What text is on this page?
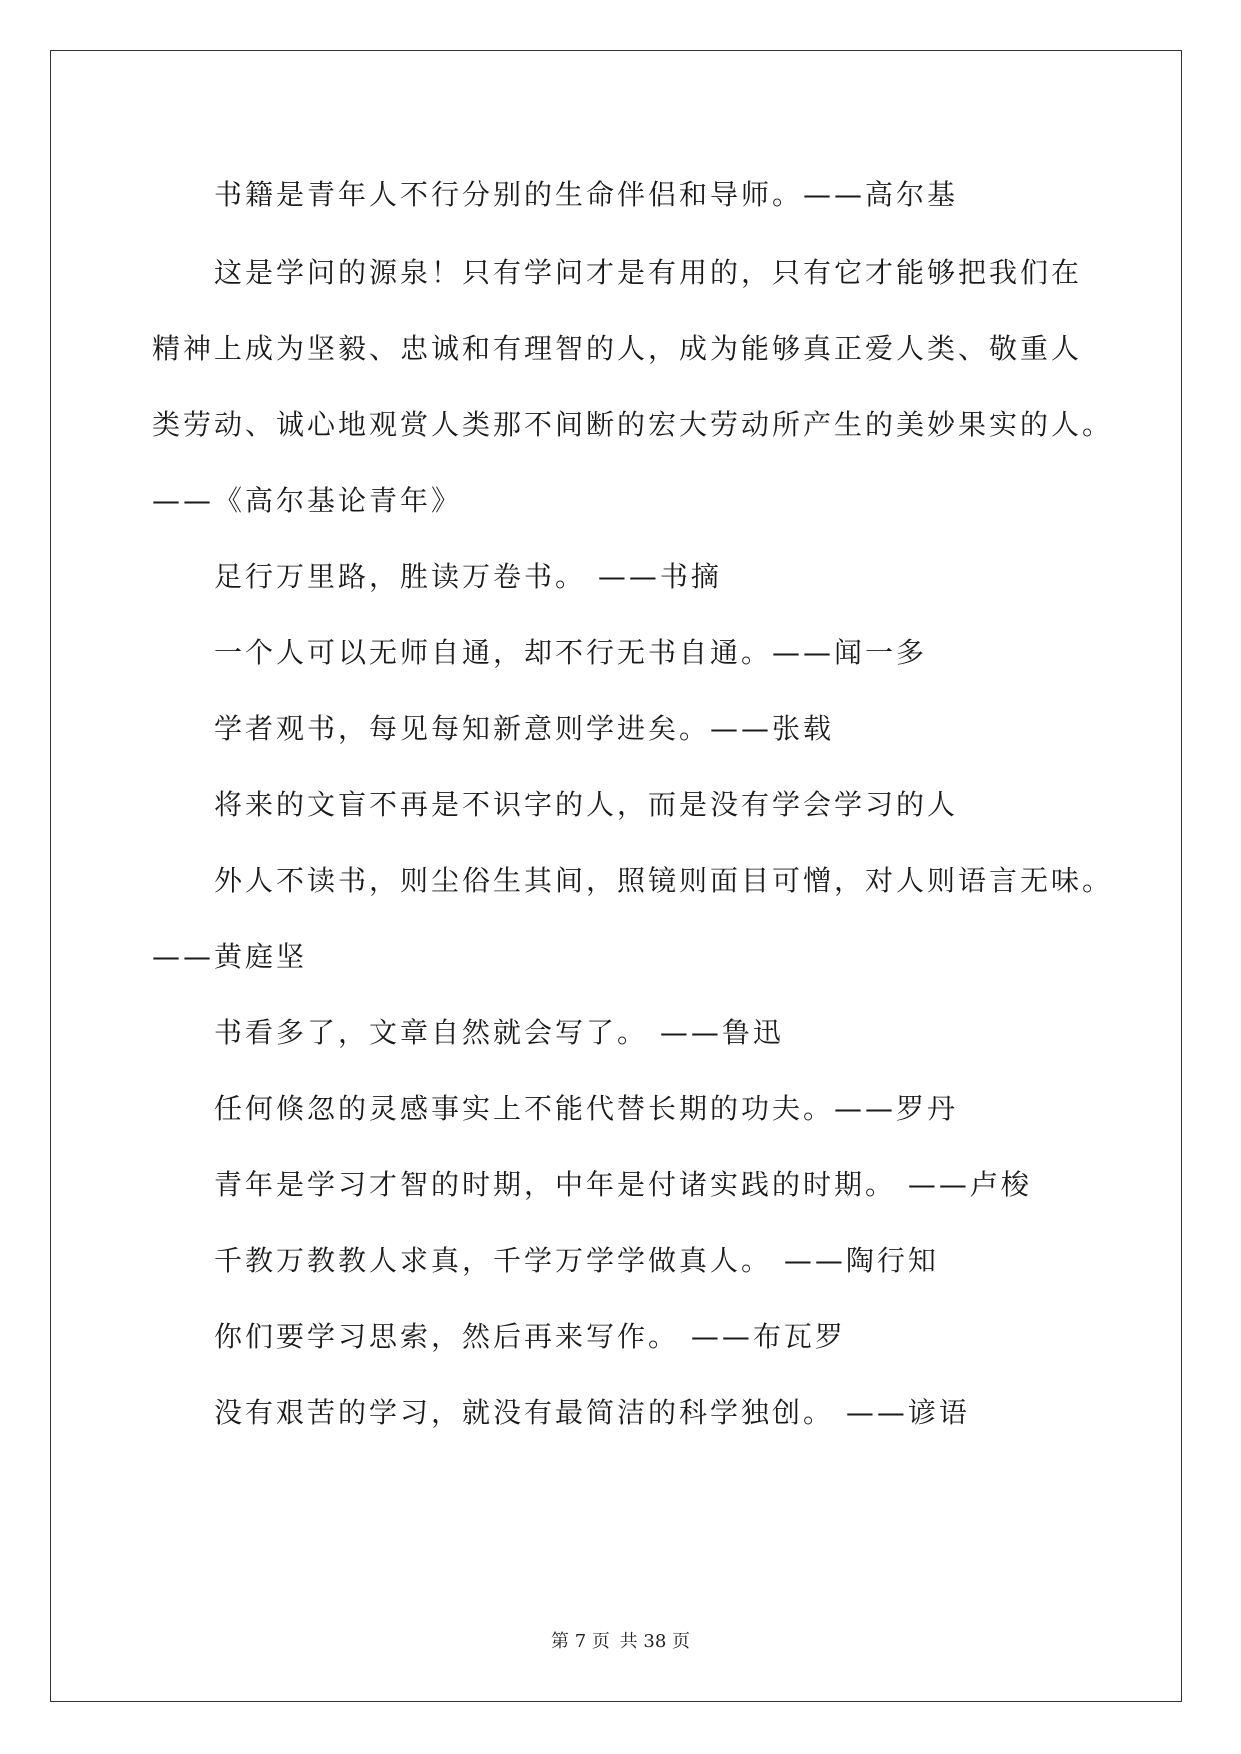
书籍是青年人不行分别的生命伴侣和导师。——高尔基
这是学问的源泉！只有学问才是有用的，只有它才能够把我们在
精神上成为坚毅、忠诚和有理智的人，成为能够真正爱人类、敬重人
类劳动、诚心地观赏人类那不间断的宏大劳动所产生的美妙果实的人。
——《高尔基论青年》
足行万里路，胜读万卷书。 ——书摘
一个人可以无师自通，却不行无书自通。——闻一多
学者观书，每见每知新意则学进矣。——张载
将来的文盲不再是不识字的人，而是没有学会学习的人
外人不读书，则尘俗生其间，照镜则面目可憎，对人则语言无味。
——黄庭坚
书看多了，文章自然就会写了。 ——鲁迅
任何倏忽的灵感事实上不能代替长期的功夫。——罗丹
青年是学习才智的时期，中年是付诸实践的时期。 ——卢梭
千教万教教人求真，千学万学学做真人。 ——陶行知
你们要学习思索，然后再来写作。 ——布瓦罗
没有艰苦的学习，就没有最简洁的科学独创。 ——谚语
第 7 页 共 38 页
